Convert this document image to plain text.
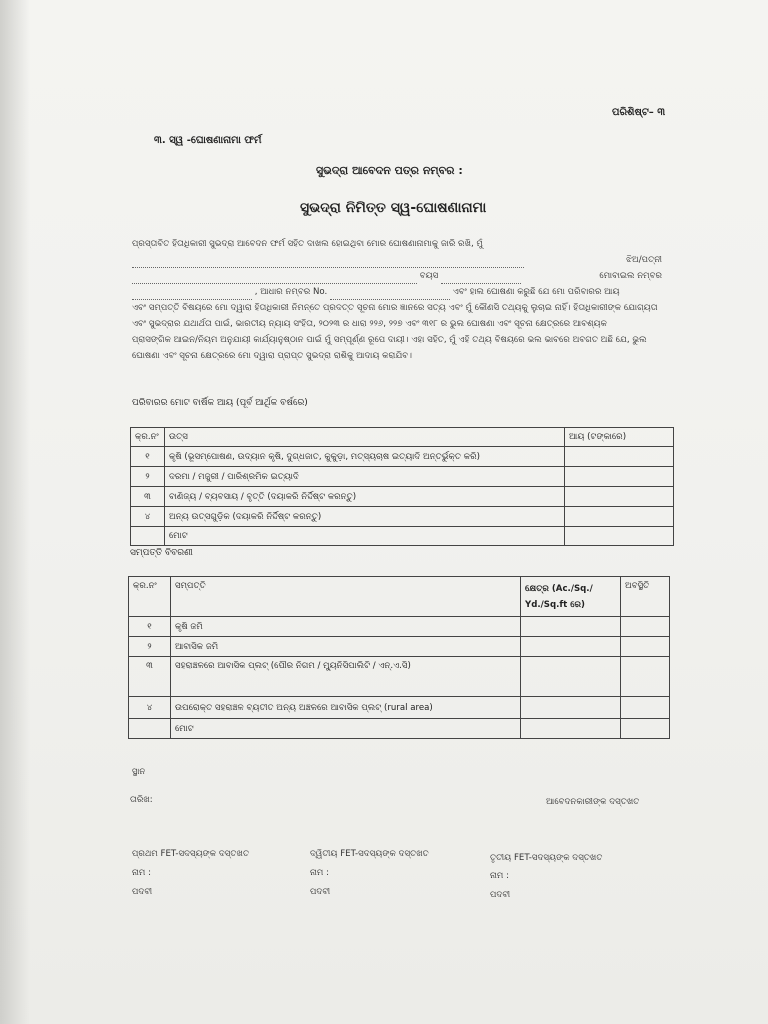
ପରିଶିଷ୍ଟ– ୩
୩. ସ୍ୱ -ଘୋଷଣାନାମା ଫର୍ମ
ସୁଭଦ୍ରା ଆବେଦନ ପତ୍ର ନମ୍ବର :
ସୁଭଦ୍ରା ନିମିତ୍ତ ସ୍ୱ-ଘୋଷଣାନାମା
ପ୍ରସ୍ତାବିତ ହିତାଧିକାରୀ ସୁଭଦ୍ରା ଆବେଦନ ଫର୍ମ ସହିତ ଦାଖଲ ହୋଇଥିବା ମୋର ଘୋଷଣାନାମାକୁ ଜାରି ରଖି, ମୁଁ
ଝିଅ/ପତ୍ନୀ
ବୟସ	ମୋବାଇଲ ନମ୍ବର
, ଆଧାର ନମ୍ବର No.	ଏବଂ ହାଲ ଘୋଷଣା କରୁଛି ଯେ ମୋ ପରିବାରର ଆୟ
ଏବଂ ସମ୍ପତ୍ତି ବିଷୟରେ ମୋ ଦ୍ୱାରା ହିତାଧିକାରୀ ନିମନ୍ତେ ପ୍ରଦତ୍ତ ସୂଚନା ମୋର ଜ୍ଞାନରେ ସତ୍ୟ ଏବଂ ମୁଁ କୌଣସି ତଥ୍ୟକୁ ଲୁଚାଇ ନାହିଁ। ହିତାଧିକାରୀଙ୍କ ଯୋଗ୍ୟତା
ଏବଂ ସୁଭଦ୍ରାର ଯଥାର୍ଥତା ପାଇଁ, ଭାରତୀୟ ନ୍ୟାୟ ସଂହିତା, ୨୦୨୩ ର ଧାରା ୨୨୬, ୨୨୭ ଏବଂ ୩୧୮ ର ଭୁଲ ଘୋଷଣା ଏବଂ ସୂଚନା କ୍ଷେତ୍ରରେ ଆବଶ୍ୟକ
ପ୍ରାସଙ୍ଗିକ ଆଇନ/ନିୟମ ଅନୁଯାୟୀ କାର୍ଯ୍ୟାନୁଷ୍ଠାନ ପାଇଁ ମୁଁ ସମ୍ପୂର୍ଣ୍ଣ ରୂପେ ଦାୟୀ। ଏହା ସହିତ, ମୁଁ ଏହି ତଥ୍ୟ ବିଷୟରେ ଭଲ ଭାବରେ ଅବଗତ ଅଛି ଯେ, ଭୁଲ
ଘୋଷଣା ଏବଂ ସୂଚନା କ୍ଷେତ୍ରରେ ମୋ ଦ୍ୱାରା ପ୍ରାପ୍ତ ସୁଭଦ୍ରା ରାଶିକୁ ଆଦାୟ କରାଯିବ।
ପରିବାରର ମୋଟ ବାର୍ଷିକ ଆୟ (ପୂର୍ବ ଆର୍ଥିକ ବର୍ଷରେ)
କ୍ର.ନଂ	ଉତ୍ସ	ଆୟ (ଟଙ୍କାରେ)
୧	କୃଷି (ଭୂସମ୍ପୋଷଣ, ଉଦ୍ୟାନ କୃଷି, ଦୁଗ୍ଧଜାତ, କୁକୁଡ଼ା, ମତ୍ସ୍ୟଚାଷ ଇତ୍ୟାଦି ଅନ୍ତର୍ଭୁକ୍ତ କରି)	
୨	ଦରମା / ମଜୁରୀ / ପାରିଶ୍ରମିକ ଇତ୍ୟାଦି	
୩	ବାଣିଜ୍ୟ / ବ୍ୟବସାୟ / ବୃତ୍ତି (ଦୟାକରି ନିର୍ଦ୍ଦିଷ୍ଟ କରନ୍ତୁ)	
୪	ଅନ୍ୟ ଉତ୍ସଗୁଡ଼ିକ (ଦୟାକରି ନିର୍ଦ୍ଦିଷ୍ଟ କରନ୍ତୁ)	
	ମୋଟ	
ସମ୍ପତ୍ତି ବିବରଣୀ
କ୍ର.ନଂ	ସମ୍ପତ୍ତି	କ୍ଷେତ୍ର (Ac./Sq./ Yd./Sq.ft ରେ)	ଅବସ୍ଥିତି
୧	କୃଷି ଜମି		
୨	ଆବାସିକ ଜମି		
୩	ସହରାଞ୍ଚଳରେ ଆବାସିକ ପ୍ଲଟ୍ (ପୌର ନିଗମ / ମ୍ୟୁନିସିପାଲିଟି / ଏନ୍.ଏ.ସି)		
୪	ଉପରୋକ୍ତ ସହରାଞ୍ଚଳ ବ୍ୟତୀତ ଅନ୍ୟ ଅଞ୍ଚଳରେ ଆବାସିକ ପ୍ଲଟ୍ (rural area)		
	ମୋଟ		
ସ୍ଥାନ
ତାରିଖ:	ଆବେଦନକାରୀଙ୍କ ଦସ୍ତଖତ
ପ୍ରଥମ FET-ସଦସ୍ୟଙ୍କ ଦସ୍ତଖତ
ନାମ :
ପଦବୀ
ଦ୍ୱିତୀୟ FET-ସଦସ୍ୟଙ୍କ ଦସ୍ତଖତ
ନାମ :
ପଦବୀ
ତୃତୀୟ FET-ସଦସ୍ୟଙ୍କ ଦସ୍ତଖତ
ନାମ :
ପଦବୀ
